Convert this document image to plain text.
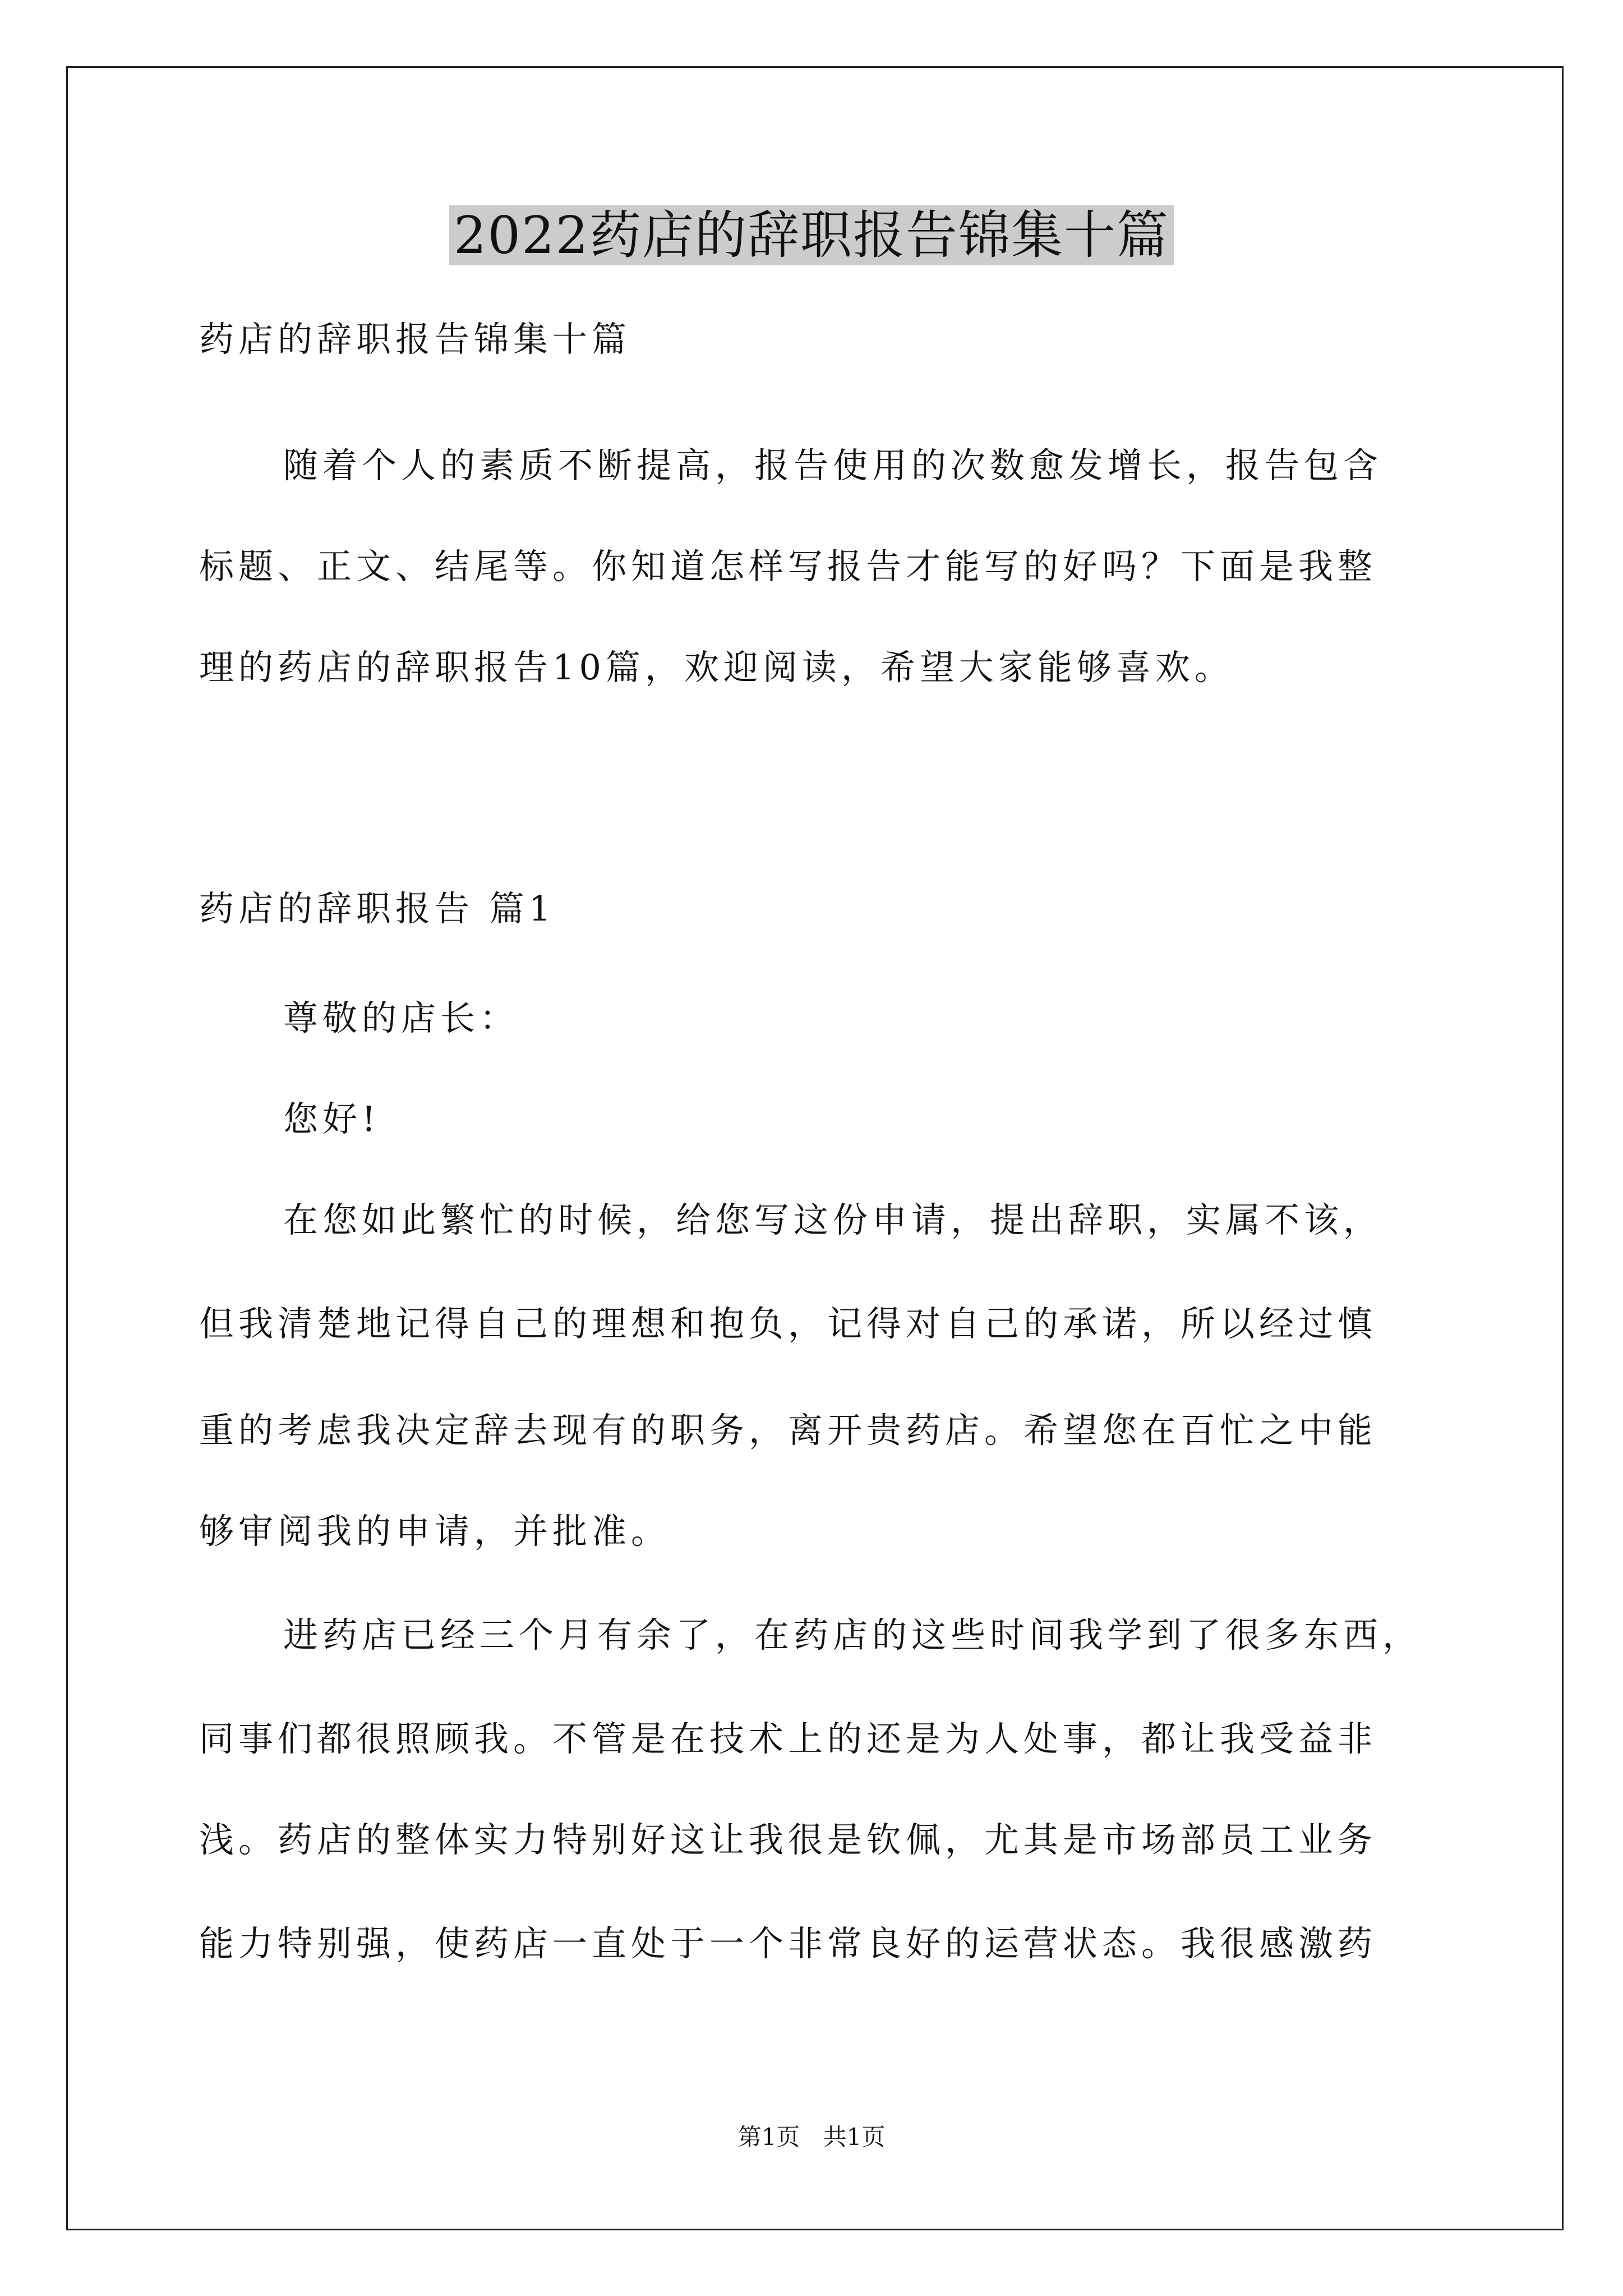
2022药店的辞职报告锦集十篇
药店的辞职报告锦集十篇
随着个人的素质不断提高，报告使用的次数愈发增长，报告包含
标题、正文、结尾等。你知道怎样写报告才能写的好吗？下面是我整
理的药店的辞职报告10篇，欢迎阅读，希望大家能够喜欢。
药店的辞职报告 篇1
尊敬的店长：
您好!
在您如此繁忙的时候，给您写这份申请，提出辞职，实属不该，
但我清楚地记得自己的理想和抱负，记得对自己的承诺，所以经过慎
重的考虑我决定辞去现有的职务，离开贵药店。希望您在百忙之中能
够审阅我的申请，并批准。
进药店已经三个月有余了，在药店的这些时间我学到了很多东西，
同事们都很照顾我。不管是在技术上的还是为人处事，都让我受益非
浅。药店的整体实力特别好这让我很是钦佩，尤其是市场部员工业务
能力特别强，使药店一直处于一个非常良好的运营状态。我很感激药
第1页 共1页
